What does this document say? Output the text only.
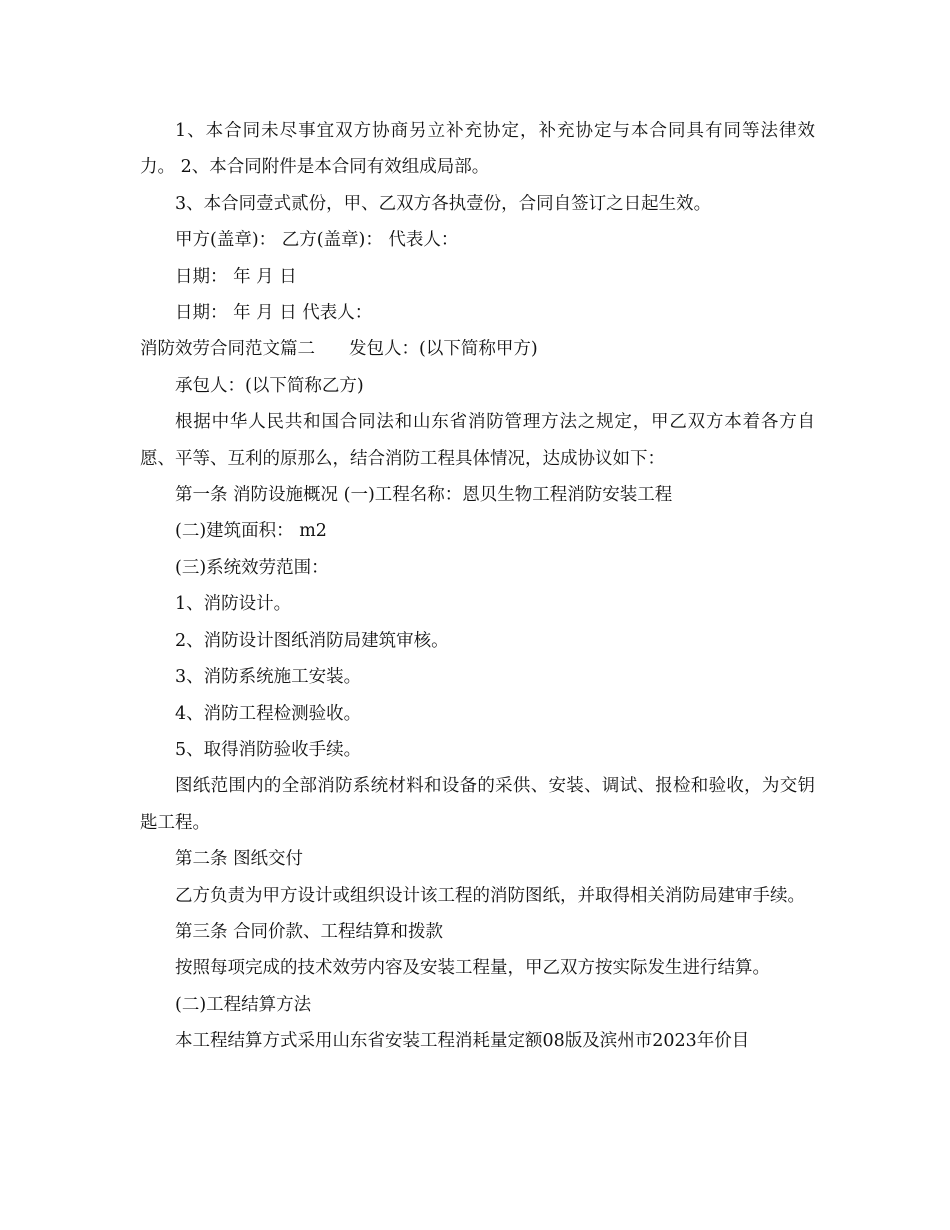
1、本合同未尽事宜双方协商另立补充协定，补充协定与本合同具有同等法律效力。 2、本合同附件是本合同有效组成局部。

3、本合同壹式贰份，甲、乙双方各执壹份，合同自签订之日起生效。

甲方(盖章)： 乙方(盖章)： 代表人：

日期： 年 月 日

日期： 年 月 日 代表人：

消防效劳合同范文篇二 发包人：(以下简称甲方)

承包人：(以下简称乙方)

根据中华人民共和国合同法和山东省消防管理方法之规定，甲乙双方本着各方自愿、平等、互利的原那么，结合消防工程具体情况，达成协议如下：

第一条 消防设施概况 (一)工程名称：恩贝生物工程消防安装工程

(二)建筑面积： m2

(三)系统效劳范围：

1、消防设计。

2、消防设计图纸消防局建筑审核。

3、消防系统施工安装。

4、消防工程检测验收。

5、取得消防验收手续。

图纸范围内的全部消防系统材料和设备的采供、安装、调试、报检和验收，为交钥匙工程。

第二条 图纸交付

乙方负责为甲方设计或组织设计该工程的消防图纸，并取得相关消防局建审手续。

第三条 合同价款、工程结算和拨款

按照每项完成的技术效劳内容及安装工程量，甲乙双方按实际发生进行结算。

(二)工程结算方法

本工程结算方式采用山东省安装工程消耗量定额08版及滨州市2023年价目
